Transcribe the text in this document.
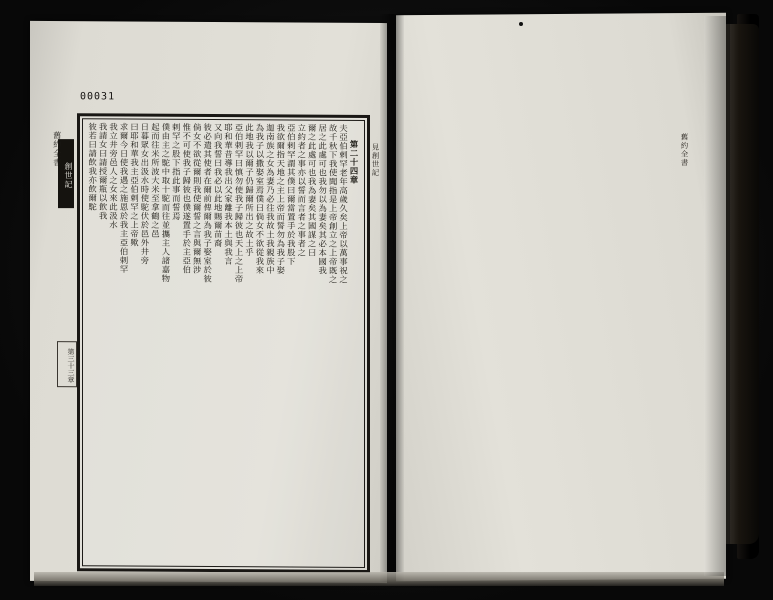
00031
創世記
舊約全書
第三十三章
第二十四章
夫亞伯剌罕老年高歲久矣上帝以萬事祝之
故千秋下我使聞指是上帝創立之上帝既之
居之此處可也我勿以為妻矣其必本國我
爾之此處可也我為妻矣其國謀之曰
立約者之事亦以誓而言者之事者之
亞伯剌罕謂其僕曰爾當置手於我股下
我欲爾指天地之主上帝而誓勿為我子娶
迦南族之女為妻乃必往我故土我親族中
為我子以撒娶室焉僕曰倘女不欲從我來
此地我以爾子仍歸爾所出之故土乎
亞伯剌罕曰慎勿使我子歸彼也天上之上帝
耶和華昔導我出父家離我本土與我言
又向我誓曰我必以此地賜爾苗裔
彼必遣其使者在爾前俾爾為我子娶室於彼
倘女不欲從爾則我使爾誓之言與爾無涉
惟不可使我子歸彼也僕遂置手於主亞伯
剌罕之股下指此事而誓焉
僕由主之駝中取十駝而往並攜主人諸嘉物
起而往米所波大米至拿鶴之邑
日暮眾女出汲水時使駝伏於邑外井旁
曰耶和華我主亞伯剌罕之上帝歟
求爾今日使我遇之施恩於我主亞伯剌罕
我立井旁邑人之女來此汲水
我請女曰請授爾瓶以飲我
彼若曰請飲我亦飲爾駝	見創世記	舊約全書
